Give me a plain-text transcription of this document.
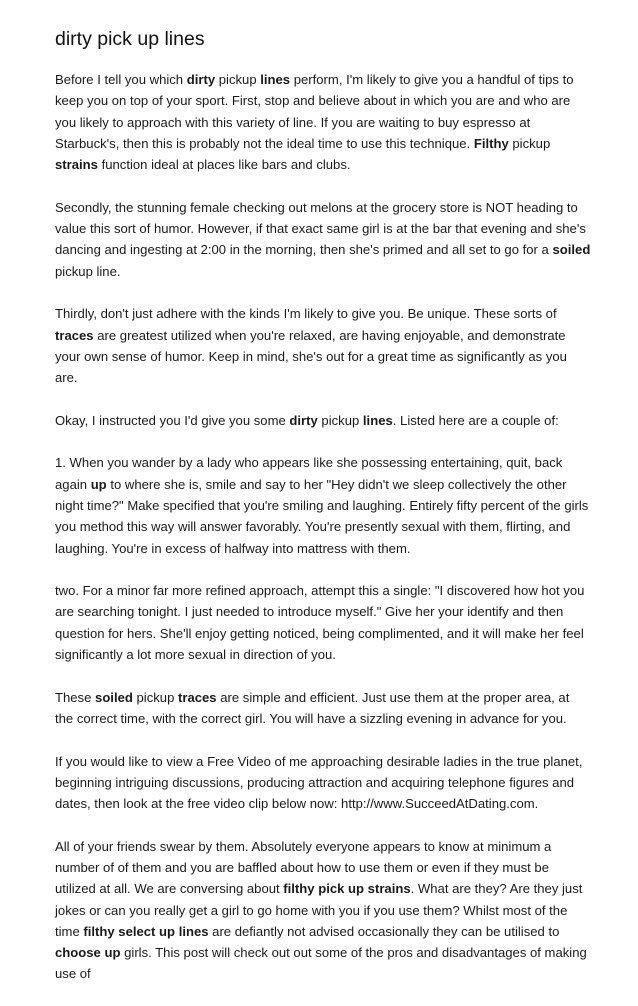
dirty pick up lines

Before I tell you which dirty pickup lines perform, I'm likely to give you a handful of tips to keep you on top of your sport. First, stop and believe about in which you are and who are you likely to approach with this variety of line. If you are waiting to buy espresso at Starbuck's, then this is probably not the ideal time to use this technique. Filthy pickup strains function ideal at places like bars and clubs.

Secondly, the stunning female checking out melons at the grocery store is NOT heading to value this sort of humor. However, if that exact same girl is at the bar that evening and she's dancing and ingesting at 2:00 in the morning, then she's primed and all set to go for a soiled pickup line.

Thirdly, don't just adhere with the kinds I'm likely to give you. Be unique. These sorts of traces are greatest utilized when you're relaxed, are having enjoyable, and demonstrate your own sense of humor. Keep in mind, she's out for a great time as significantly as you are.

Okay, I instructed you I'd give you some dirty pickup lines. Listed here are a couple of:

1. When you wander by a lady who appears like she possessing entertaining, quit, back again up to where she is, smile and say to her "Hey didn't we sleep collectively the other night time?" Make specified that you're smiling and laughing. Entirely fifty percent of the girls you method this way will answer favorably. You're presently sexual with them, flirting, and laughing. You're in excess of halfway into mattress with them.

two. For a minor far more refined approach, attempt this a single: "I discovered how hot you are searching tonight. I just needed to introduce myself." Give her your identify and then question for hers. She'll enjoy getting noticed, being complimented, and it will make her feel significantly a lot more sexual in direction of you.

These soiled pickup traces are simple and efficient. Just use them at the proper area, at the correct time, with the correct girl. You will have a sizzling evening in advance for you.

If you would like to view a Free Video of me approaching desirable ladies in the true planet, beginning intriguing discussions, producing attraction and acquiring telephone figures and dates, then look at the free video clip below now: http://www.SucceedAtDating.com.

All of your friends swear by them. Absolutely everyone appears to know at minimum a number of of them and you are baffled about how to use them or even if they must be utilized at all. We are conversing about filthy pick up strains. What are they? Are they just jokes or can you really get a girl to go home with you if you use them? Whilst most of the time filthy select up lines are defiantly not advised occasionally they can be utilised to choose up girls. This post will check out out some of the pros and disadvantages of making use of
